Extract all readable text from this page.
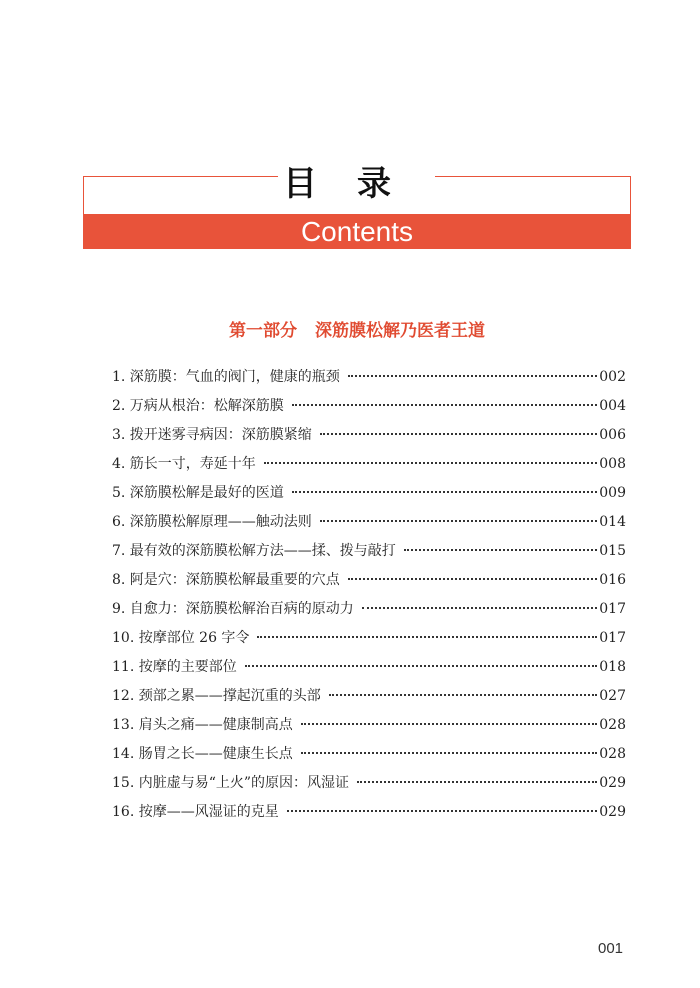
目录
Contents
第一部分 深筋膜松解乃医者王道
1. 深筋膜：气血的阀门，健康的瓶颈	002
2. 万病从根治：松解深筋膜	004
3. 拨开迷雾寻病因：深筋膜紧缩	006
4. 筋长一寸，寿延十年	008
5. 深筋膜松解是最好的医道	009
6. 深筋膜松解原理——触动法则	014
7. 最有效的深筋膜松解方法——揉、拨与敲打	015
8. 阿是穴：深筋膜松解最重要的穴点	016
9. 自愈力：深筋膜松解治百病的原动力	017
10. 按摩部位 26 字令	017
11. 按摩的主要部位	018
12. 颈部之累——撑起沉重的头部	027
13. 肩头之痛——健康制高点	028
14. 肠胃之长——健康生长点	028
15. 内脏虚与易“上火”的原因：风湿证	029
16. 按摩——风湿证的克星	029
001
